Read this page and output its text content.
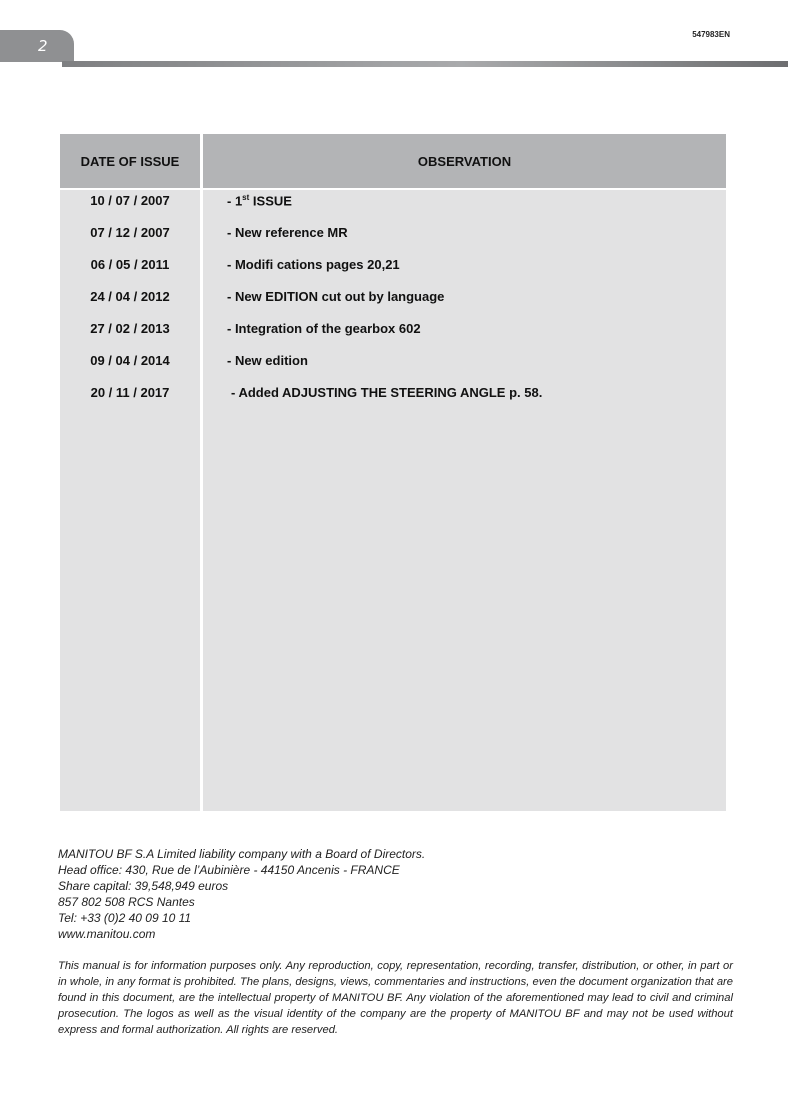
2
547983EN
DATE OF ISSUE	OBSERVATION
10 / 07 / 2007	- 1st ISSUE
07 / 12 / 2007	- New reference MR
06 / 05 / 2011	- Modifi cations pages 20,21
24 / 04 / 2012	- New EDITION cut out by language
27 / 02 / 2013	- Integration of the gearbox 602
09 / 04 / 2014	- New edition
20 / 11 / 2017	- Added ADJUSTING THE STEERING ANGLE p. 58.
MANITOU BF S.A Limited liability company with a Board of Directors.
Head office: 430, Rue de l’Aubinière - 44150 Ancenis - FRANCE
Share capital: 39,548,949 euros
857 802 508 RCS Nantes
Tel: +33 (0)2 40 09 10 11
www.manitou.com
This manual is for information purposes only. Any reproduction, copy, representation, recording, transfer, distribution, or other, in part or in whole, in any format is prohibited. The plans, designs, views, commentaries and instructions, even the document organization that are found in this document, are the intellectual property of MANITOU BF. Any violation of the aforementioned may lead to civil and criminal prosecution. The logos as well as the visual identity of the company are the property of MANITOU BF and may not be used without express and formal authorization. All rights are reserved.
